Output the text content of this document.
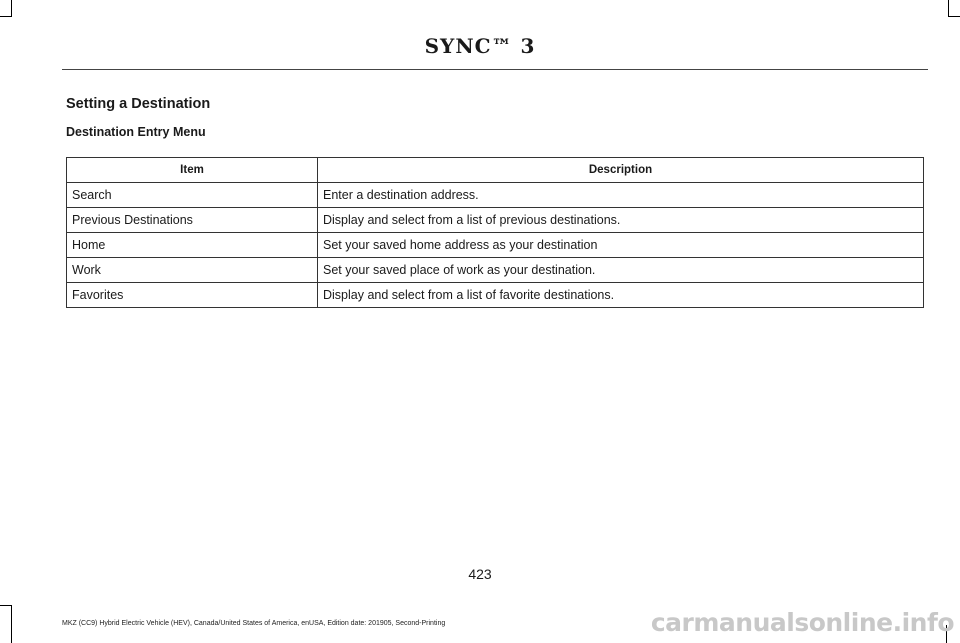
SYNC™ 3
Setting a Destination
Destination Entry Menu
Item	Description
Search	Enter a destination address.
Previous Destinations	Display and select from a list of previous destinations.
Home	Set your saved home address as your destination
Work	Set your saved place of work as your destination.
Favorites	Display and select from a list of favorite destinations.
423
MKZ (CC9) Hybrid Electric Vehicle (HEV), Canada/United States of America, enUSA, Edition date: 201905, Second-Printing	carmanualsonline.info
